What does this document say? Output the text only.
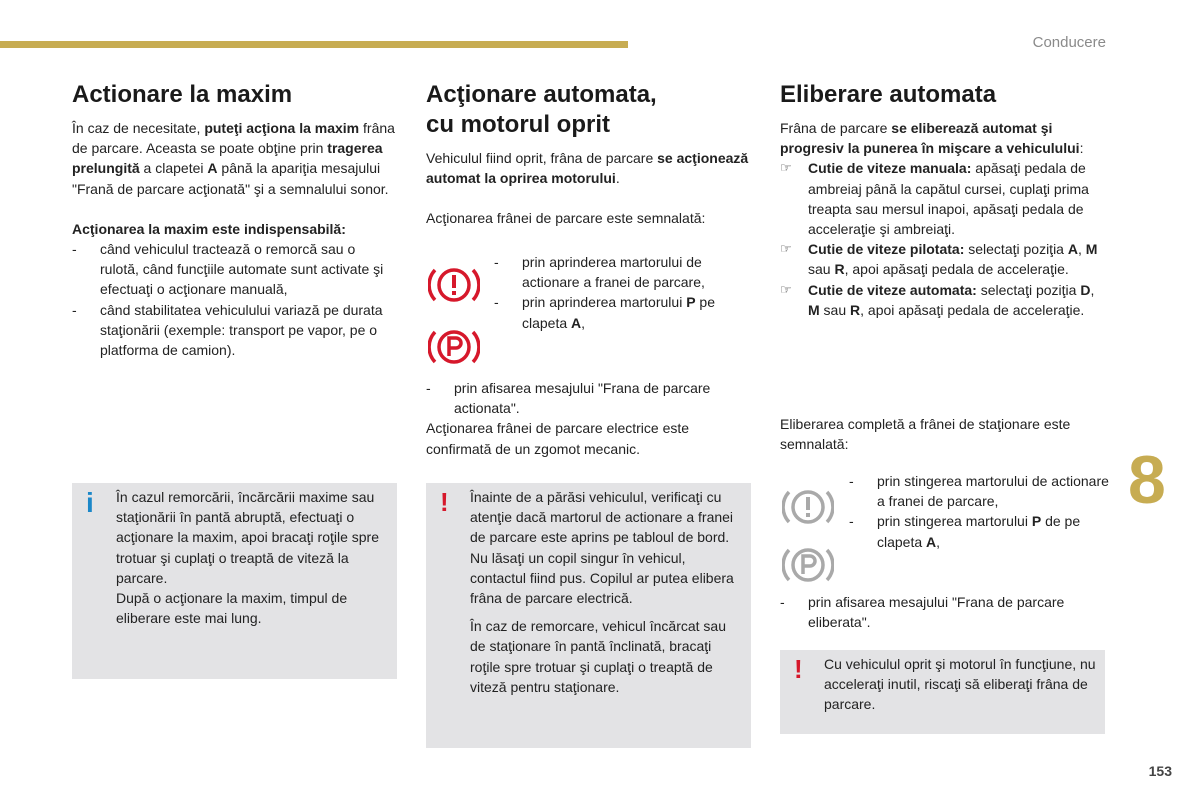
Conducere
8
153
Actionare la maxim

În caz de necesitate, puteţi acţiona la maxim frâna de parcare. Aceasta se poate obţine prin tragerea prelungită a clapetei A până la apariţia mesajului "Frană de parcare acţionată" şi a semnalului sonor.

Acţionarea la maxim este indispensabilă:

- când vehiculul tractează o remorcă sau o rulotă, când funcţiile automate sunt activate şi efectuaţi o acţionare manuală,

- când stabilitatea vehiculului variază pe durata staţionării (exemple: transport pe vapor, pe o platforma de camion).

i În cazul remorcării, încărcării maxime sau staţionării în pantă abruptă, efectuaţi o acţionare la maxim, apoi bracaţi roţile spre trotuar şi cuplaţi o treaptă de viteză la parcare.

După o acţionare la maxim, timpul de eliberare este mai lung.

Acţionare automata,
cu motorul oprit

Vehiculul fiind oprit, frâna de parcare se acţionează automat la oprirea motorului.

Acţionarea frânei de parcare este semnalată:

- prin aprinderea martorului de actionare a franei de parcare,

- prin aprinderea martorului P pe clapeta A,

- prin afisarea mesajului "Frana de parcare actionata".

Acţionarea frânei de parcare electrice este confirmată de un zgomot mecanic.

! Înainte de a părăsi vehiculul, verificaţi cu atenţie dacă martorul de actionare a franei de parcare este aprins pe tabloul de bord.

Nu lăsaţi un copil singur în vehicul, contactul fiind pus. Copilul ar putea elibera frâna de parcare electrică.

În caz de remorcare, vehicul încărcat sau de staţionare în pantă înclinată, bracaţi roţile spre trotuar şi cuplaţi o treaptă de viteză pentru staţionare.

Eliberare automata

Frâna de parcare se eliberează automat şi progresiv la punerea în mişcare a vehiculului:

☞ Cutie de viteze manuala: apăsaţi pedala de ambreiaj până la capătul cursei, cuplaţi prima treapta sau mersul inapoi, apăsaţi pedala de acceleraţie şi ambreiaţi.

☞ Cutie de viteze pilotata: selectaţi poziţia A, M sau R, apoi apăsaţi pedala de acceleraţie.

☞ Cutie de viteze automata: selectaţi poziţia D, M sau R, apoi apăsaţi pedala de acceleraţie.

Eliberarea completă a frânei de staţionare este semnalată:

- prin stingerea martorului de actionare a franei de parcare,

- prin stingerea martorului P de pe clapeta A,

- prin afisarea mesajului "Frana de parcare eliberata".

! Cu vehiculul oprit şi motorul în funcţiune, nu acceleraţi inutil, riscaţi să eliberaţi frâna de parcare.
